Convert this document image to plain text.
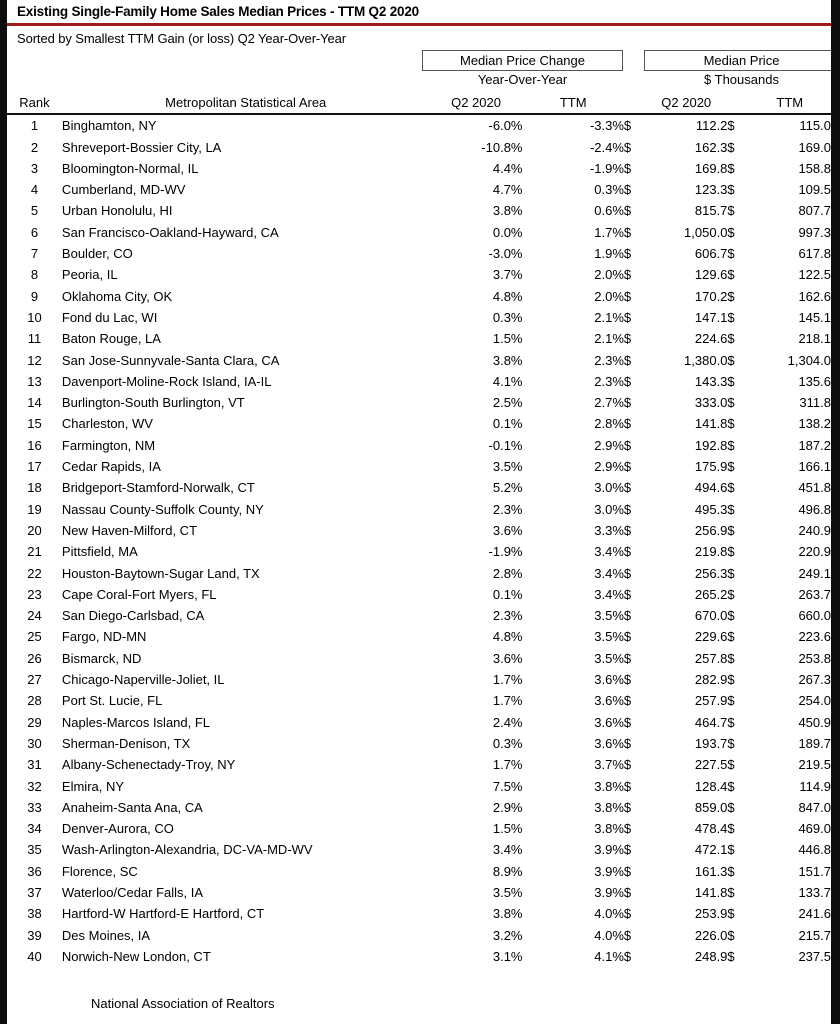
Existing Single-Family Home Sales Median Prices - TTM Q2 2020
Sorted by Smallest TTM Gain (or loss) Q2 Year-Over-Year
Median Price Change	Median Price
Year-Over-Year	$ Thousands
Rank	Metropolitan Statistical Area	Q2 2020	TTM		Q2 2020		TTM
1	Binghamton, NY	-6.0%	-3.3%	$	112.2	$	115.0
2	Shreveport-Bossier City, LA	-10.8%	-2.4%	$	162.3	$	169.0
3	Bloomington-Normal, IL	4.4%	-1.9%	$	169.8	$	158.8
4	Cumberland, MD-WV	4.7%	0.3%	$	123.3	$	109.5
5	Urban Honolulu, HI	3.8%	0.6%	$	815.7	$	807.7
6	San Francisco-Oakland-Hayward, CA	0.0%	1.7%	$	1,050.0	$	997.3
7	Boulder, CO	-3.0%	1.9%	$	606.7	$	617.8
8	Peoria, IL	3.7%	2.0%	$	129.6	$	122.5
9	Oklahoma City, OK	4.8%	2.0%	$	170.2	$	162.6
10	Fond du Lac, WI	0.3%	2.1%	$	147.1	$	145.1
11	Baton Rouge, LA	1.5%	2.1%	$	224.6	$	218.1
12	San Jose-Sunnyvale-Santa Clara, CA	3.8%	2.3%	$	1,380.0	$	1,304.0
13	Davenport-Moline-Rock Island, IA-IL	4.1%	2.3%	$	143.3	$	135.6
14	Burlington-South Burlington, VT	2.5%	2.7%	$	333.0	$	311.8
15	Charleston, WV	0.1%	2.8%	$	141.8	$	138.2
16	Farmington, NM	-0.1%	2.9%	$	192.8	$	187.2
17	Cedar Rapids, IA	3.5%	2.9%	$	175.9	$	166.1
18	Bridgeport-Stamford-Norwalk, CT	5.2%	3.0%	$	494.6	$	451.8
19	Nassau County-Suffolk County, NY	2.3%	3.0%	$	495.3	$	496.8
20	New Haven-Milford, CT	3.6%	3.3%	$	256.9	$	240.9
21	Pittsfield, MA	-1.9%	3.4%	$	219.8	$	220.9
22	Houston-Baytown-Sugar Land, TX	2.8%	3.4%	$	256.3	$	249.1
23	Cape Coral-Fort Myers, FL	0.1%	3.4%	$	265.2	$	263.7
24	San Diego-Carlsbad, CA	2.3%	3.5%	$	670.0	$	660.0
25	Fargo, ND-MN	4.8%	3.5%	$	229.6	$	223.6
26	Bismarck, ND	3.6%	3.5%	$	257.8	$	253.8
27	Chicago-Naperville-Joliet, IL	1.7%	3.6%	$	282.9	$	267.3
28	Port St. Lucie, FL	1.7%	3.6%	$	257.9	$	254.0
29	Naples-Marcos Island, FL	2.4%	3.6%	$	464.7	$	450.9
30	Sherman-Denison, TX	0.3%	3.6%	$	193.7	$	189.7
31	Albany-Schenectady-Troy, NY	1.7%	3.7%	$	227.5	$	219.5
32	Elmira, NY	7.5%	3.8%	$	128.4	$	114.9
33	Anaheim-Santa Ana, CA	2.9%	3.8%	$	859.0	$	847.0
34	Denver-Aurora, CO	1.5%	3.8%	$	478.4	$	469.0
35	Wash-Arlington-Alexandria, DC-VA-MD-WV	3.4%	3.9%	$	472.1	$	446.8
36	Florence, SC	8.9%	3.9%	$	161.3	$	151.7
37	Waterloo/Cedar Falls, IA	3.5%	3.9%	$	141.8	$	133.7
38	Hartford-W Hartford-E Hartford, CT	3.8%	4.0%	$	253.9	$	241.6
39	Des Moines, IA	3.2%	4.0%	$	226.0	$	215.7
40	Norwich-New London, CT	3.1%	4.1%	$	248.9	$	237.5
National Association of Realtors
